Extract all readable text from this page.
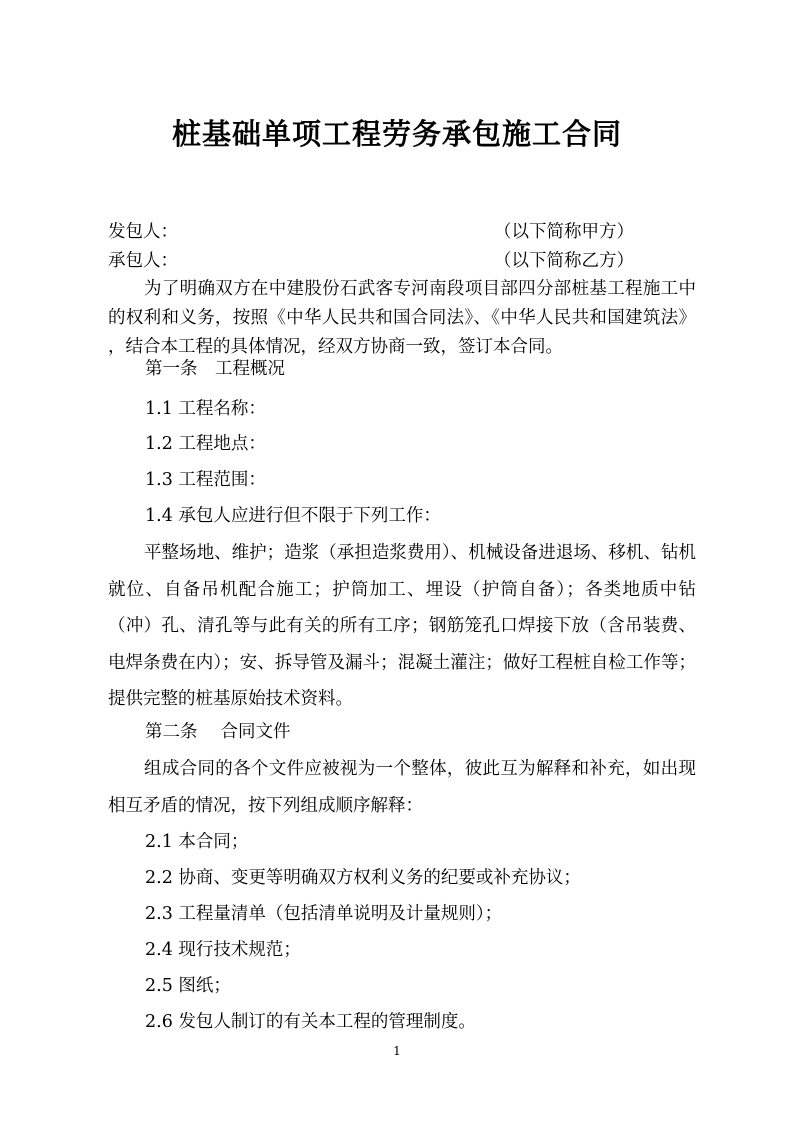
桩基础单项工程劳务承包施工合同
发包人：	（以下简称甲方）
承包人：	（以下简称乙方）

为了明确双方在中建股份石武客专河南段项目部四分部桩基工程施工中的权利和义务，按照《中华人民共和国合同法》、《中华人民共和国建筑法》 ，结合本工程的具体情况，经双方协商一致，签订本合同。

第一条　工程概况
1.1 工程名称：
1.2 工程地点：
1.3 工程范围：
1.4 承包人应进行但不限于下列工作：

平整场地、维护；造浆（承担造浆费用）、机械设备进退场、移机、钻机就位、自备吊机配合施工；护筒加工、埋设（护筒自备）；各类地质中钻（冲）孔、清孔等与此有关的所有工序；钢筋笼孔口焊接下放（含吊装费、电焊条费在内）；安、拆导管及漏斗；混凝土灌注；做好工程桩自检工作等；提供完整的桩基原始技术资料。

第二条　 合同文件

组成合同的各个文件应被视为一个整体，彼此互为解释和补充，如出现相互矛盾的情况，按下列组成顺序解释：

2.1 本合同；
2.2 协商、变更等明确双方权利义务的纪要或补充协议；
2.3 工程量清单（包括清单说明及计量规则）；
2.4 现行技术规范；
2.5 图纸；
2.6 发包人制订的有关本工程的管理制度。
1
